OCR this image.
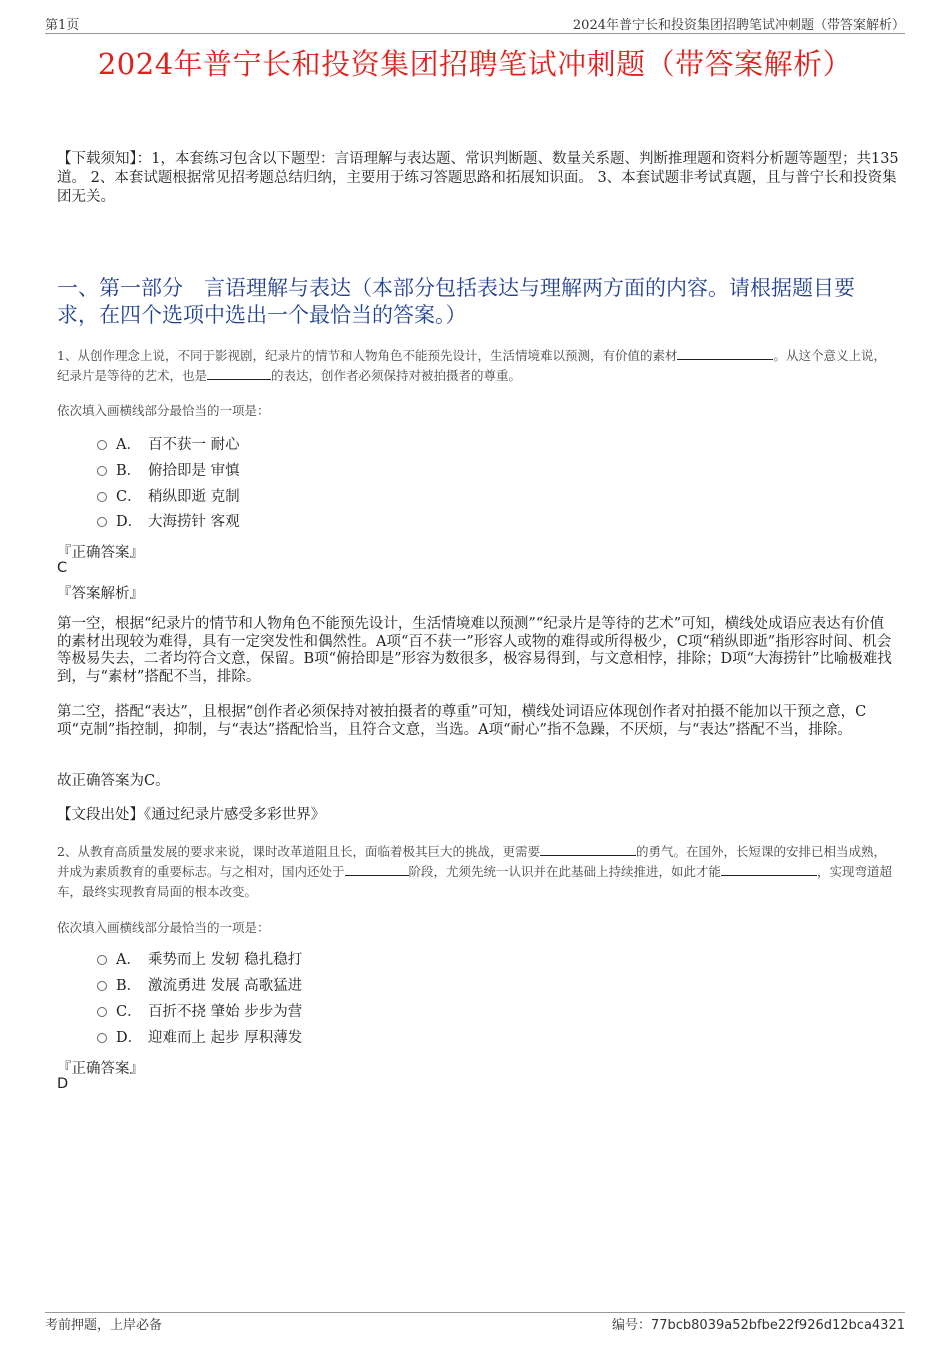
第1页	2024年普宁长和投资集团招聘笔试冲刺题（带答案解析）
2024年普宁长和投资集团招聘笔试冲刺题（带答案解析）
【下载须知】：1，本套练习包含以下题型：言语理解与表达题、常识判断题、数量关系题、判断推理题和资料分析题等题型；共135道。 2、本套试题根据常见招考题总结归纳，主要用于练习答题思路和拓展知识面。 3、本套试题非考试真题，且与普宁长和投资集团无关。
一、第一部分　言语理解与表达（本部分包括表达与理解两方面的内容。请根据题目要求，在四个选项中选出一个最恰当的答案。）
1、从创作理念上说，不同于影视剧，纪录片的情节和人物角色不能预先设计，生活情境难以预测，有价值的素材	。从这个意义上说，纪录片是等待的艺术，也是	的表达，创作者必须保持对被拍摄者的尊重。
依次填入画横线部分最恰当的一项是：
A． 百不获一 耐心
B． 俯拾即是 审慎
C． 稍纵即逝 克制
D． 大海捞针 客观
『正确答案』
C
『答案解析』
第一空，根据“纪录片的情节和人物角色不能预先设计，生活情境难以预测”“纪录片是等待的艺术”可知，横线处成语应表达有价值的素材出现较为难得，具有一定突发性和偶然性。A项“百不获一”形容人或物的难得或所得极少，C项“稍纵即逝”指形容时间、机会等极易失去，二者均符合文意，保留。B项“俯拾即是”形容为数很多，极容易得到，与文意相悖，排除；D项“大海捞针”比喻极难找到，与“素材”搭配不当，排除。
第二空，搭配“表达”，且根据“创作者必须保持对被拍摄者的尊重”可知，横线处词语应体现创作者对拍摄不能加以干预之意，C项“克制”指控制，抑制，与“表达”搭配恰当，且符合文意，当选。A项“耐心”指不急躁，不厌烦，与“表达”搭配不当，排除。
故正确答案为C。
【文段出处】《通过纪录片感受多彩世界》
2、从教育高质量发展的要求来说，课时改革道阻且长，面临着极其巨大的挑战，更需要	的勇气。在国外，长短课的安排已相当成熟，并成为素质教育的重要标志。与之相对，国内还处于	阶段，尤须先统一认识并在此基础上持续推进，如此才能	，实现弯道超车，最终实现教育局面的根本改变。
依次填入画横线部分最恰当的一项是：
A． 乘势而上 发轫 稳扎稳打
B． 激流勇进 发展 高歌猛进
C． 百折不挠 肇始 步步为营
D． 迎难而上 起步 厚积薄发
『正确答案』
D
考前押题，上岸必备	编号：77bcb8039a52bfbe22f926d12bca4321
